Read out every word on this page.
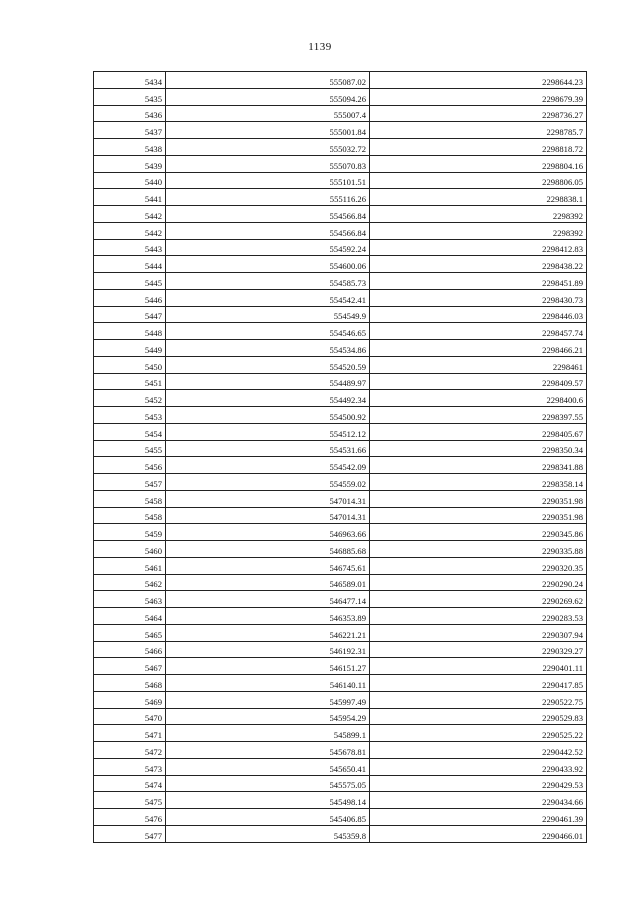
1139
5434	555087.02	2298644.23
5435	555094.26	2298679.39
5436	555007.4	2298736.27
5437	555001.84	2298785.7
5438	555032.72	2298818.72
5439	555070.83	2298804.16
5440	555101.51	2298806.05
5441	555116.26	2298838.1
5442	554566.84	2298392
5442	554566.84	2298392
5443	554592.24	2298412.83
5444	554600.06	2298438.22
5445	554585.73	2298451.89
5446	554542.41	2298430.73
5447	554549.9	2298446.03
5448	554546.65	2298457.74
5449	554534.86	2298466.21
5450	554520.59	2298461
5451	554489.97	2298409.57
5452	554492.34	2298400.6
5453	554500.92	2298397.55
5454	554512.12	2298405.67
5455	554531.66	2298350.34
5456	554542.09	2298341.88
5457	554559.02	2298358.14
5458	547014.31	2290351.98
5458	547014.31	2290351.98
5459	546963.66	2290345.86
5460	546885.68	2290335.88
5461	546745.61	2290320.35
5462	546589.01	2290290.24
5463	546477.14	2290269.62
5464	546353.89	2290283.53
5465	546221.21	2290307.94
5466	546192.31	2290329.27
5467	546151.27	2290401.11
5468	546140.11	2290417.85
5469	545997.49	2290522.75
5470	545954.29	2290529.83
5471	545899.1	2290525.22
5472	545678.81	2290442.52
5473	545650.41	2290433.92
5474	545575.05	2290429.53
5475	545498.14	2290434.66
5476	545406.85	2290461.39
5477	545359.8	2290466.01
